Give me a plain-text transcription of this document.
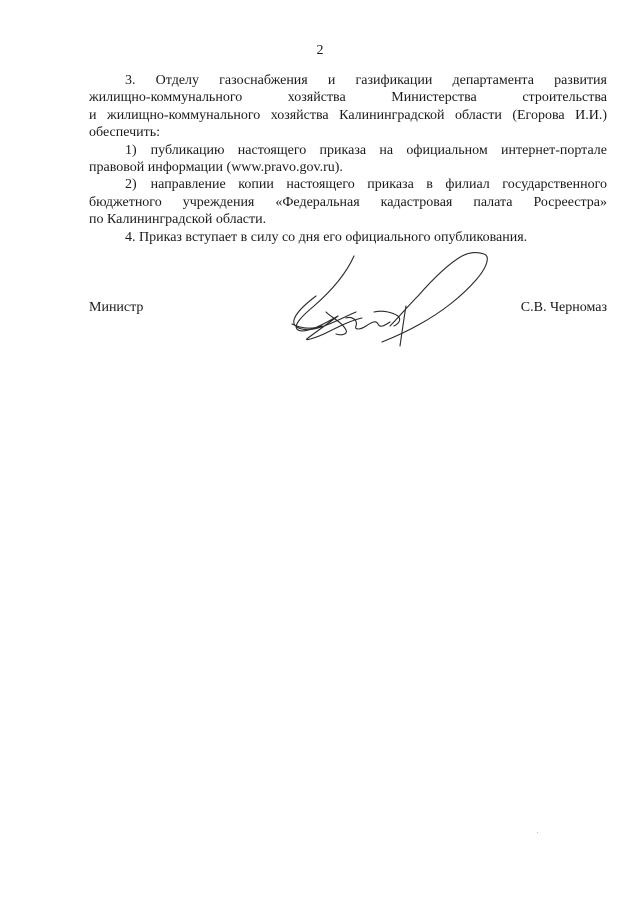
2
3. Отделу газоснабжения и газификации департамента развития
жилищно-коммунального хозяйства Министерства строительства
и жилищно-коммунального хозяйства Калининградской области (Егорова И.И.)
обеспечить:
1) публикацию настоящего приказа на официальном интернет-портале
правовой информации (www.pravo.gov.ru).
2) направление копии настоящего приказа в филиал государственного
бюджетного учреждения «Федеральная кадастровая палата Росреестра»
по Калининградской области.
4. Приказ вступает в силу со дня его официального опубликования.
Министр	С.В. Черномаз
